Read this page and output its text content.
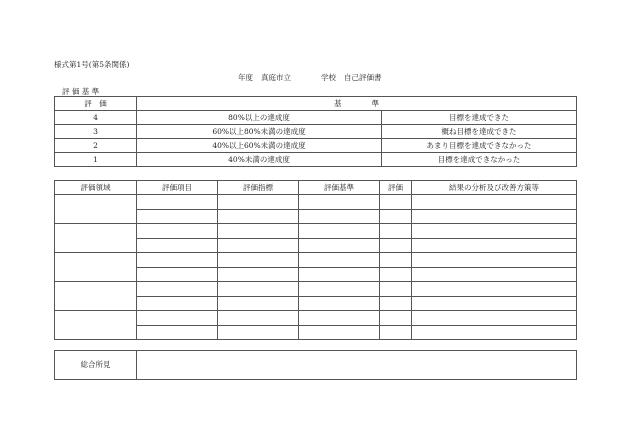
様式第1号(第5条関係)
年度 真庭市立	学校 自己評価書
評 価 基 準
評　価	基　　　　準	
4	80%以上の達成度	目標を達成できた
3	60%以上80%未満の達成度	概ね目標を達成できた
2	40%以上60%未満の達成度	あまり目標を達成できなかった
1	40%未満の達成度	目標を達成できなかった
評価領域	評価項目	評価指標	評価基準	評価	結果の分析及び改善方策等

総合所見	
